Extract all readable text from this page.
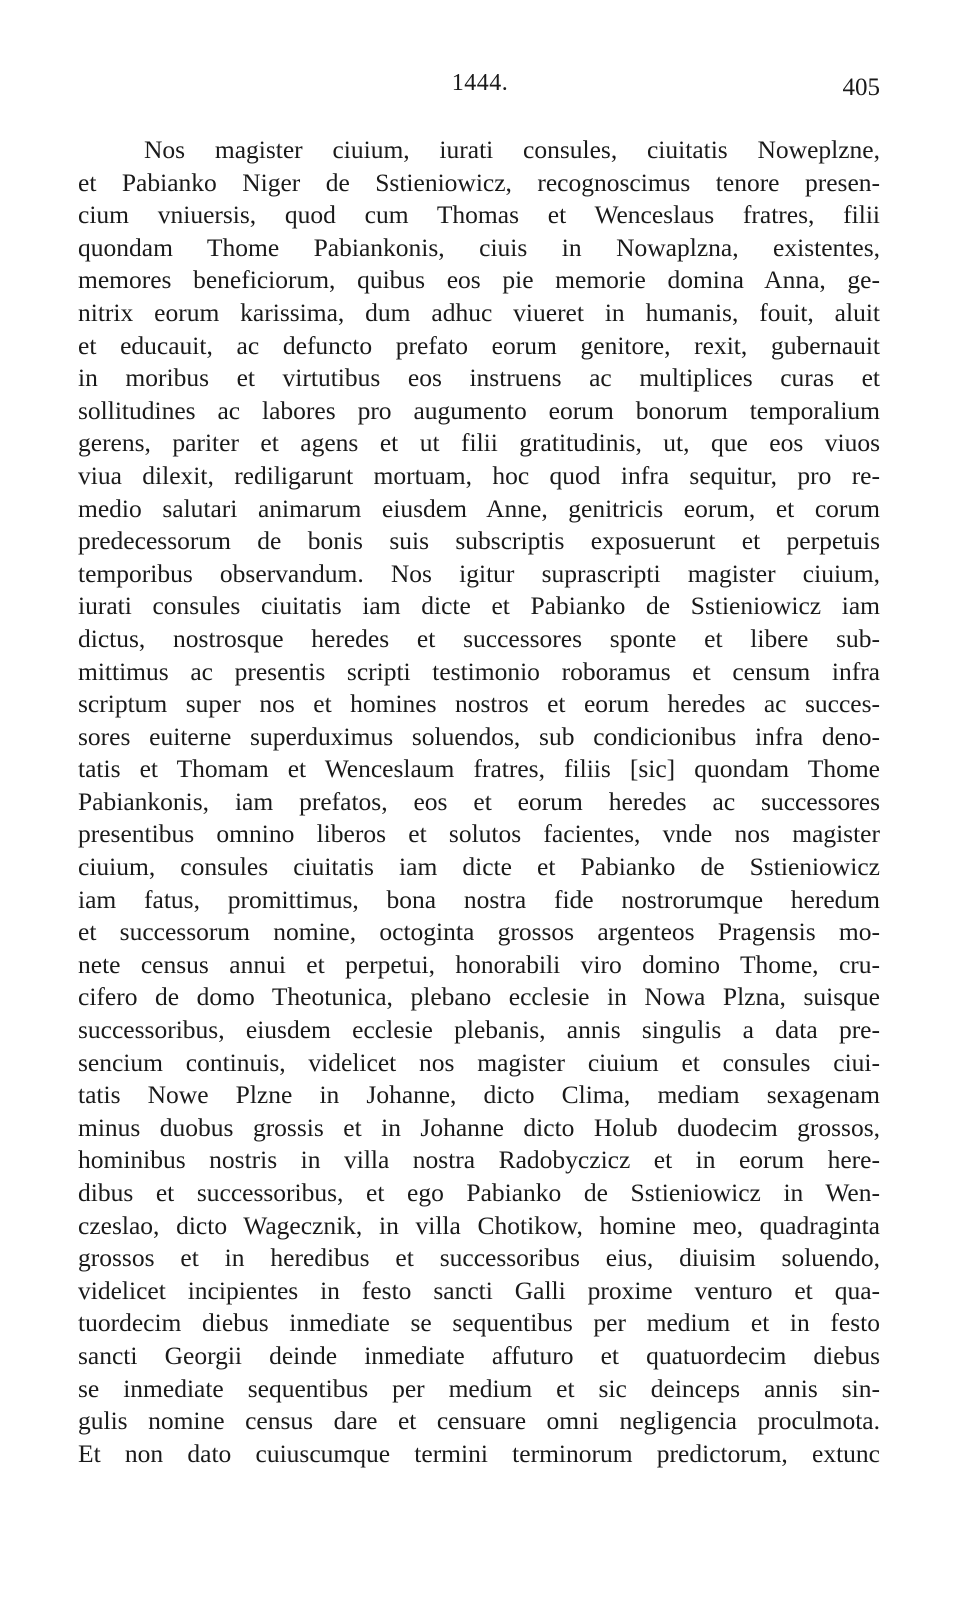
1444.	405
Nos magister ciuium, iurati consules, ciuitatis Noweplzne,
et Pabianko Niger de Sstieniowicz, recognoscimus tenore presen-
cium vniuersis, quod cum Thomas et Wenceslaus fratres, filii
quondam Thome Pabiankonis, ciuis in Nowaplzna, existentes,
memores beneficiorum, quibus eos pie memorie domina Anna, ge-
nitrix eorum karissima, dum adhuc viueret in humanis, fouit, aluit
et educauit, ac defuncto prefato eorum genitore, rexit, gubernauit
in moribus et virtutibus eos instruens ac multiplices curas et
sollitudines ac labores pro augumento eorum bonorum temporalium
gerens, pariter et agens et ut filii gratitudinis, ut, que eos viuos
viua dilexit, rediligarunt mortuam, hoc quod infra sequitur, pro re-
medio salutari animarum eiusdem Anne, genitricis eorum, et corum
predecessorum de bonis suis subscriptis exposuerunt et perpetuis
temporibus observandum. Nos igitur suprascripti magister ciuium,
iurati consules ciuitatis iam dicte et Pabianko de Sstieniowicz iam
dictus, nostrosque heredes et successores sponte et libere sub-
mittimus ac presentis scripti testimonio roboramus et censum infra
scriptum super nos et homines nostros et eorum heredes ac succes-
sores euiterne superduximus soluendos, sub condicionibus infra deno-
tatis et Thomam et Wenceslaum fratres, filiis [sic] quondam Thome
Pabiankonis, iam prefatos, eos et eorum heredes ac successores
presentibus omnino liberos et solutos facientes, vnde nos magister
ciuium, consules ciuitatis iam dicte et Pabianko de Sstieniowicz
iam fatus, promittimus, bona nostra fide nostrorumque heredum
et successorum nomine, octoginta grossos argenteos Pragensis mo-
nete census annui et perpetui, honorabili viro domino Thome, cru-
cifero de domo Theotunica, plebano ecclesie in Nowa Plzna, suisque
successoribus, eiusdem ecclesie plebanis, annis singulis a data pre-
sencium continuis, videlicet nos magister ciuium et consules ciui-
tatis Nowe Plzne in Johanne, dicto Clima, mediam sexagenam
minus duobus grossis et in Johanne dicto Holub duodecim grossos,
hominibus nostris in villa nostra Radobyczicz et in eorum here-
dibus et successoribus, et ego Pabianko de Sstieniowicz in Wen-
czeslao, dicto Wagecznik, in villa Chotikow, homine meo, quadraginta
grossos et in heredibus et successoribus eius, diuisim soluendo,
videlicet incipientes in festo sancti Galli proxime venturo et qua-
tuordecim diebus inmediate se sequentibus per medium et in festo
sancti Georgii deinde inmediate affuturo et quatuordecim diebus
se inmediate sequentibus per medium et sic deinceps annis sin-
gulis nomine census dare et censuare omni negligencia proculmota.
Et non dato cuiuscumque termini terminorum predictorum, extunc
